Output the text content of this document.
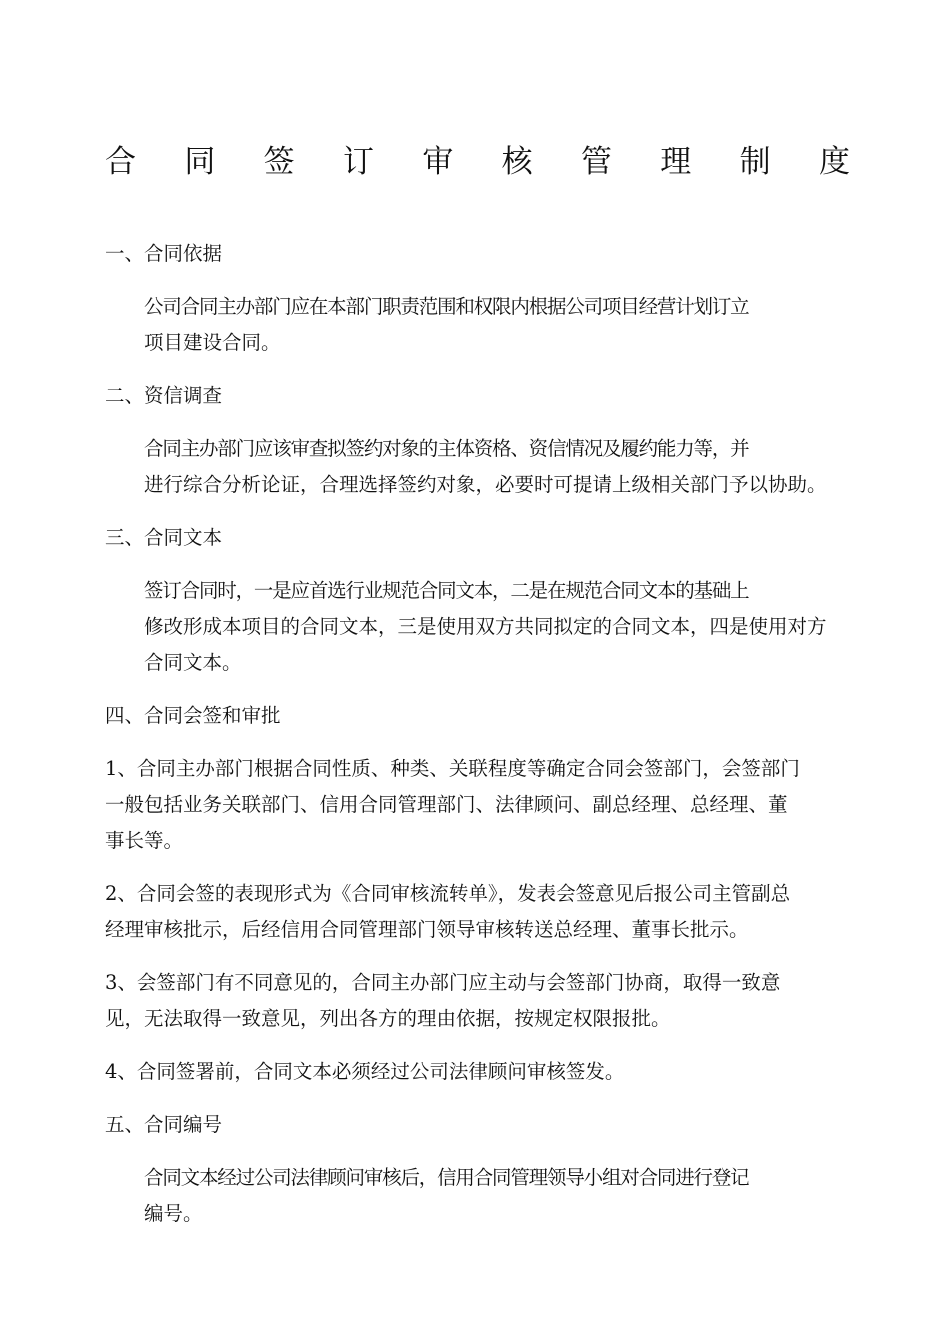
合 同 签 订 审 核 管 理 制 度
一、合同依据
公司合同主办部门应在本部门职责范围和权限内根据公司项目经营计划订立
项目建设合同。
二、资信调查
合同主办部门应该审查拟签约对象的主体资格、资信情况及履约能力等，并
进行综合分析论证，合理选择签约对象，必要时可提请上级相关部门予以协助。
三、合同文本
签订合同时，一是应首选行业规范合同文本，二是在规范合同文本的基础上
修改形成本项目的合同文本，三是使用双方共同拟定的合同文本，四是使用对方
合同文本。
四、合同会签和审批
1、合同主办部门根据合同性质、种类、关联程度等确定合同会签部门，会签部门
一般包括业务关联部门、信用合同管理部门、法律顾问、副总经理、总经理、董
事长等。
2、合同会签的表现形式为《合同审核流转单》，发表会签意见后报公司主管副总
经理审核批示，后经信用合同管理部门领导审核转送总经理、董事长批示。
3、会签部门有不同意见的，合同主办部门应主动与会签部门协商，取得一致意
见，无法取得一致意见，列出各方的理由依据，按规定权限报批。
4、合同签署前，合同文本必须经过公司法律顾问审核签发。
五、合同编号
合同文本经过公司法律顾问审核后，信用合同管理领导小组对合同进行登记
编号。
